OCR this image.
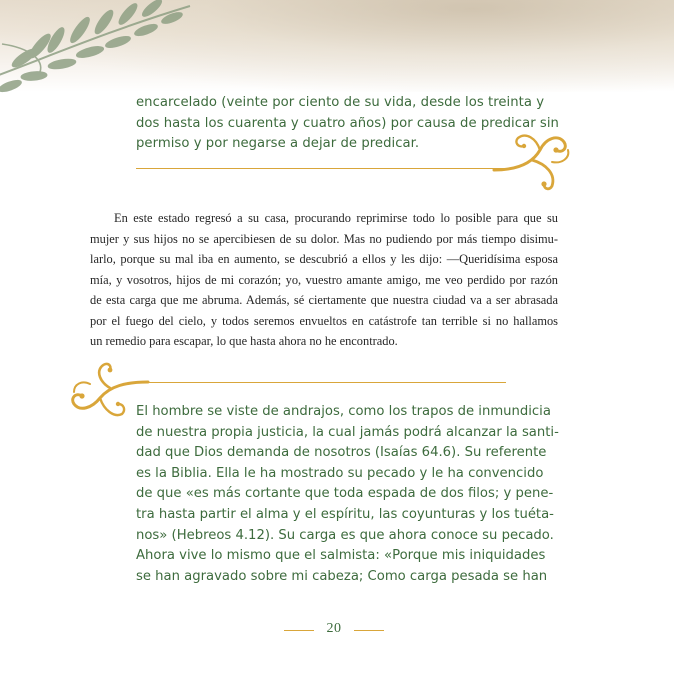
encarcelado (veinte por ciento de su vida, desde los treinta y
dos hasta los cuarenta y cuatro años) por causa de predicar sin
permiso y por negarse a dejar de predicar.
En este estado regresó a su casa, procurando reprimirse todo lo posible para que su
mujer y sus hijos no se apercibiesen de su dolor. Mas no pudiendo por más tiempo disimu-
larlo, porque su mal iba en aumento, se descubrió a ellos y les dijo: —Queridísima esposa
mía, y vosotros, hijos de mi corazón; yo, vuestro amante amigo, me veo perdido por razón
de esta carga que me abruma. Además, sé ciertamente que nuestra ciudad va a ser abrasada
por el fuego del cielo, y todos seremos envueltos en catástrofe tan terrible si no hallamos
un remedio para escapar, lo que hasta ahora no he encontrado.
El hombre se viste de andrajos, como los trapos de inmundicia
de nuestra propia justicia, la cual jamás podrá alcanzar la santi-
dad que Dios demanda de nosotros (Isaías 64.6). Su referente
es la Biblia. Ella le ha mostrado su pecado y le ha convencido
de que «es más cortante que toda espada de dos filos; y pene-
tra hasta partir el alma y el espíritu, las coyunturas y los tuéta-
nos» (Hebreos 4.12). Su carga es que ahora conoce su pecado.
Ahora vive lo mismo que el salmista: «Porque mis iniquidades
se han agravado sobre mi cabeza; Como carga pesada se han
20
